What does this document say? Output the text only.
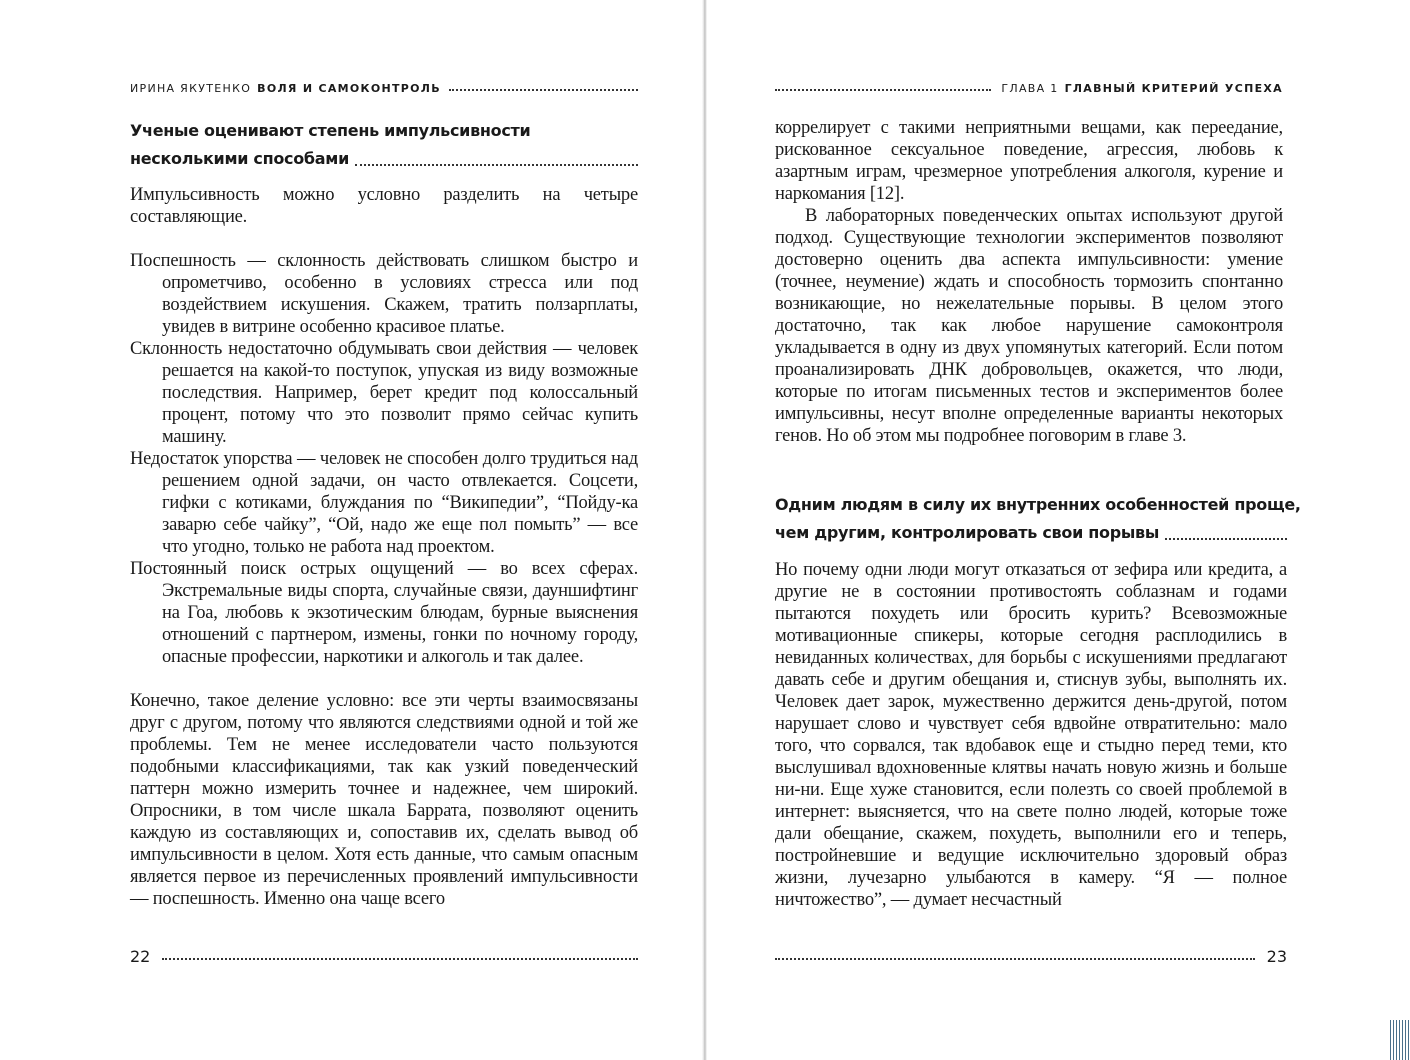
ИРИНА ЯКУТЕНКО ВОЛЯ И САМОКОНТРОЛЬ
Ученые оценивают степень импульсивности
несколькими способами

Импульсивность можно условно разделить на четыре составляющие.

Поспешность — склонность действовать слишком быстро и опрометчиво, особенно в условиях стресса или под воздействием искушения. Скажем, тратить ползарплаты, увидев в витрине особенно красивое платье.

Склонность недостаточно обдумывать свои действия — человек решается на какой-то поступок, упуская из виду возможные последствия. Например, берет кредит под колоссальный процент, потому что это позволит прямо сейчас купить машину.

Недостаток упорства — человек не способен долго трудиться над решением одной задачи, он часто отвлекается. Соцсети, гифки с котиками, блуждания по “Википедии”, “Пойду-ка заварю себе чайку”, “Ой, надо же еще пол помыть” — все что угодно, только не работа над проектом.

Постоянный поиск острых ощущений — во всех сферах. Экстремальные виды спорта, случайные связи, дауншифтинг на Гоа, любовь к экзотическим блюдам, бурные выяснения отношений с партнером, измены, гонки по ночному городу, опасные профессии, наркотики и алкоголь и так далее.

Конечно, такое деление условно: все эти черты взаимосвязаны друг с другом, потому что являются следствиями одной и той же проблемы. Тем не менее исследователи часто пользуются подобными классификациями, так как узкий поведенческий паттерн можно измерить точнее и надежнее, чем широкий. Опросники, в том числе шкала Баррата, позволяют оценить каждую из составляющих и, сопоставив их, сделать вывод об импульсивности в целом. Хотя есть данные, что самым опасным является первое из перечисленных проявлений импульсивности — поспешность. Именно она чаще всего

22
ГЛАВА 1 ГЛАВНЫЙ КРИТЕРИЙ УСПЕХА

коррелирует с такими неприятными вещами, как переедание, рискованное сексуальное поведение, агрессия, любовь к азартным играм, чрезмерное употребления алкоголя, курение и наркомания [12].

В лабораторных поведенческих опытах используют другой подход. Существующие технологии экспериментов позволяют достоверно оценить два аспекта импульсивности: умение (точнее, неумение) ждать и способность тормозить спонтанно возникающие, но нежелательные порывы. В целом этого достаточно, так как любое нарушение самоконтроля укладывается в одну из двух упомянутых категорий. Если потом проанализировать ДНК добровольцев, окажется, что люди, которые по итогам письменных тестов и экспериментов более импульсивны, несут вполне определенные варианты некоторых генов. Но об этом мы подробнее поговорим в главе 3.

Одним людям в силу их внутренних особенностей проще,
чем другим, контролировать свои порывы

Но почему одни люди могут отказаться от зефира или кредита, а другие не в состоянии противостоять соблазнам и годами пытаются похудеть или бросить курить? Всевозможные мотивационные спикеры, которые сегодня расплодились в невиданных количествах, для борьбы с искушениями предлагают давать себе и другим обещания и, стиснув зубы, выполнять их. Человек дает зарок, мужественно держится день-другой, потом нарушает слово и чувствует себя вдвойне отвратительно: мало того, что сорвался, так вдобавок еще и стыдно перед теми, кто выслушивал вдохновенные клятвы начать новую жизнь и больше ни-ни. Еще хуже становится, если полезть со своей проблемой в интернет: выясняется, что на свете полно людей, которые тоже дали обещание, скажем, похудеть, выполнили его и теперь, постройневшие и ведущие исключительно здоровый образ жизни, лучезарно улыбаются в камеру. “Я — полное ничтожество”, — думает несчастный

23
